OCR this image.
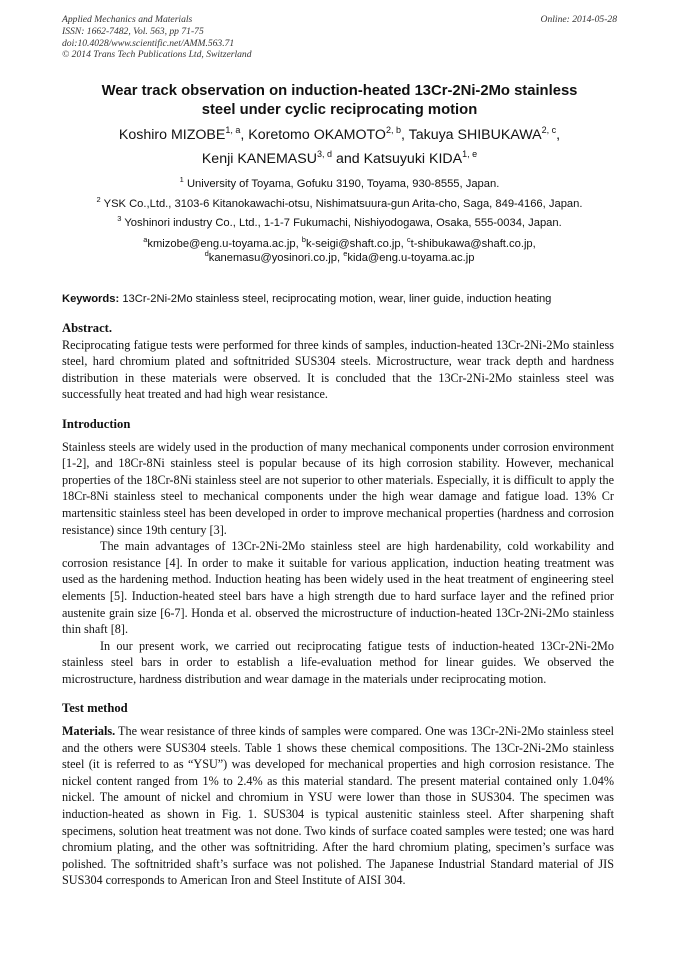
Applied Mechanics and Materials
ISSN: 1662-7482, Vol. 563, pp 71-75
doi:10.4028/www.scientific.net/AMM.563.71
© 2014 Trans Tech Publications Ltd, Switzerland
Online: 2014-05-28
Wear track observation on induction-heated 13Cr-2Ni-2Mo stainless
steel under cyclic reciprocating motion
Koshiro MIZOBE$^{1, a}$, Koretomo OKAMOTO$^{2, b}$, Takuya SHIBUKAWA$^{2, c}$,
Kenji KANEMASU$^{3, d}$ and Katsuyuki KIDA$^{1, e}$
$^1$ University of Toyama, Gofuku 3190, Toyama, 930-8555, Japan.
$^2$ YSK Co.,Ltd., 3103-6 Kitanokawachi-otsu, Nishimatsuura-gun Arita-cho, Saga, 849-4166, Japan.
$^3$ Yoshinori industry Co., Ltd., 1-1-7 Fukumachi, Nishiyodogawa, Osaka, 555-0034, Japan.
$^a$kmizobe@eng.u-toyama.ac.jp, $^b$k-seigi@shaft.co.jp, $^c$t-shibukawa@shaft.co.jp,
$^d$kanemasu@yosinori.co.jp, $^e$kida@eng.u-toyama.ac.jp
Keywords: 13Cr-2Ni-2Mo stainless steel, reciprocating motion, wear, liner guide, induction heating
Abstract.

Reciprocating fatigue tests were performed for three kinds of samples, induction-heated 13Cr-2Ni-2Mo stainless steel, hard chromium plated and softnitrided SUS304 steels. Microstructure, wear track depth and hardness distribution in these materials were observed. It is concluded that the 13Cr-2Ni-2Mo stainless steel was successfully heat treated and had high wear resistance.

Introduction

Stainless steels are widely used in the production of many mechanical components under corrosion environment [1-2], and 18Cr-8Ni stainless steel is popular because of its high corrosion stability. However, mechanical properties of the 18Cr-8Ni stainless steel are not superior to other materials. Especially, it is difficult to apply the 18Cr-8Ni stainless steel to mechanical components under the high wear damage and fatigue load. 13% Cr martensitic stainless steel has been developed in order to improve mechanical properties (hardness and corrosion resistance) since 19th century [3].

The main advantages of 13Cr-2Ni-2Mo stainless steel are high hardenability, cold workability and corrosion resistance [4]. In order to make it suitable for various application, induction heating treatment was used as the hardening method. Induction heating has been widely used in the heat treatment of engineering steel elements [5]. Induction-heated steel bars have a high strength due to hard surface layer and the refined prior austenite grain size [6-7]. Honda et al. observed the microstructure of induction-heated 13Cr-2Ni-2Mo stainless thin shaft [8].

In our present work, we carried out reciprocating fatigue tests of induction-heated 13Cr-2Ni-2Mo stainless steel bars in order to establish a life-evaluation method for linear guides. We observed the microstructure, hardness distribution and wear damage in the materials under reciprocating motion.

Test method

Materials. The wear resistance of three kinds of samples were compared. One was 13Cr-2Ni-2Mo stainless steel and the others were SUS304 steels. Table 1 shows these chemical compositions. The 13Cr-2Ni-2Mo stainless steel (it is referred to as “YSU”) was developed for mechanical properties and high corrosion resistance. The nickel content ranged from 1% to 2.4% as this material standard. The present material contained only 1.04% nickel. The amount of nickel and chromium in YSU were lower than those in SUS304. The specimen was induction-heated as shown in Fig. 1. SUS304 is typical austenitic stainless steel. After sharpening shaft specimens, solution heat treatment was not done. Two kinds of surface coated samples were tested; one was hard chromium plating, and the other was softnitriding. After the hard chromium plating, specimen’s surface was polished. The softnitrided shaft’s surface was not polished. The Japanese Industrial Standard material of JIS SUS304 corresponds to American Iron and Steel Institute of AISI 304.
